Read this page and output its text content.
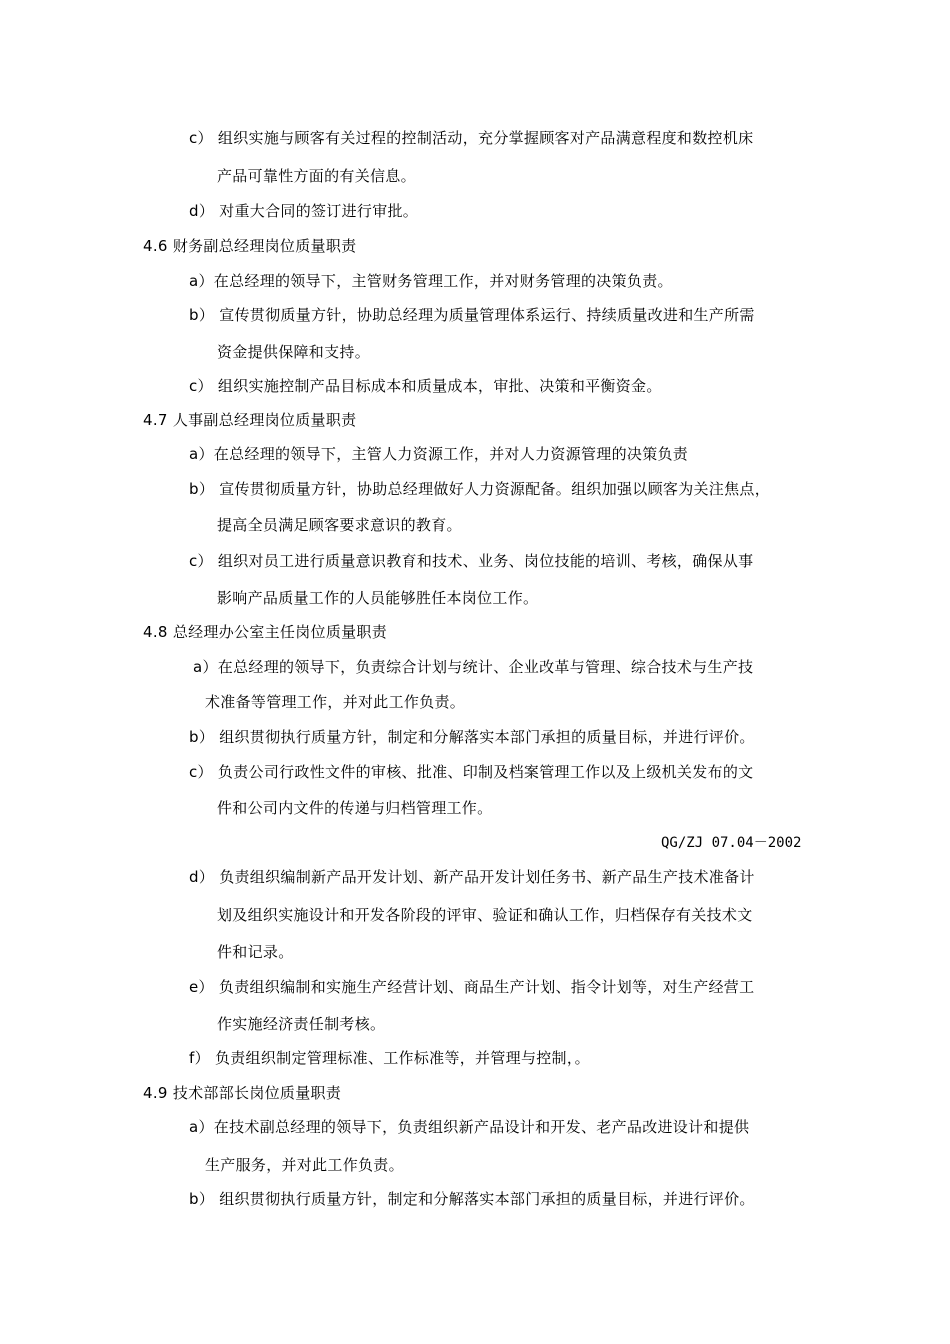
c） 组织实施与顾客有关过程的控制活动，充分掌握顾客对产品满意程度和数控机床
产品可靠性方面的有关信息。
d） 对重大合同的签订进行审批。
4.6 财务副总经理岗位质量职责
a）在总经理的领导下，主管财务管理工作，并对财务管理的决策负责。
b） 宣传贯彻质量方针，协助总经理为质量管理体系运行、持续质量改进和生产所需
资金提供保障和支持。
c） 组织实施控制产品目标成本和质量成本，审批、决策和平衡资金。
4.7 人事副总经理岗位质量职责
a）在总经理的领导下，主管人力资源工作，并对人力资源管理的决策负责
b） 宣传贯彻质量方针，协助总经理做好人力资源配备。组织加强以顾客为关注焦点，
提高全员满足顾客要求意识的教育。
c） 组织对员工进行质量意识教育和技术、业务、岗位技能的培训、考核，确保从事
影响产品质量工作的人员能够胜任本岗位工作。
4.8 总经理办公室主任岗位质量职责
a）在总经理的领导下，负责综合计划与统计、企业改革与管理、综合技术与生产技
术准备等管理工作，并对此工作负责。
b） 组织贯彻执行质量方针，制定和分解落实本部门承担的质量目标，并进行评价。
c） 负责公司行政性文件的审核、批准、印制及档案管理工作以及上级机关发布的文
件和公司内文件的传递与归档管理工作。
QG/ZJ 07.04－2002
d） 负责组织编制新产品开发计划、新产品开发计划任务书、新产品生产技术准备计
划及组织实施设计和开发各阶段的评审、验证和确认工作，归档保存有关技术文
件和记录。
e） 负责组织编制和实施生产经营计划、商品生产计划、指令计划等，对生产经营工
作实施经济责任制考核。
f） 负责组织制定管理标准、工作标准等，并管理与控制，。
4.9 技术部部长岗位质量职责
a）在技术副总经理的领导下，负责组织新产品设计和开发、老产品改进设计和提供
生产服务，并对此工作负责。
b） 组织贯彻执行质量方针，制定和分解落实本部门承担的质量目标，并进行评价。
